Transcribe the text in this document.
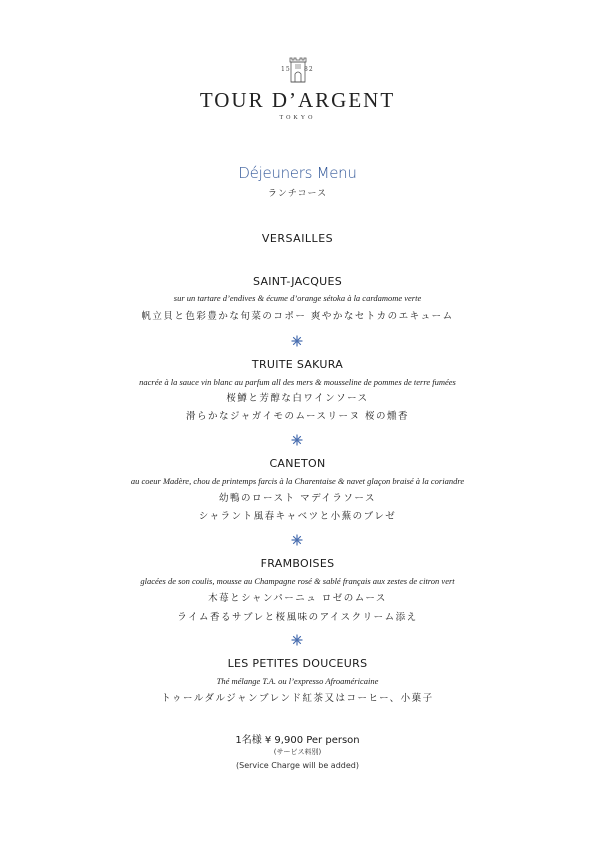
15 82
TOUR D’ARGENT
TOKYO
Déjeuners Menu
ランチコース
VERSAILLES
SAINT-JACQUES
sur un tartare d’endives & écume d’orange sétoka à la cardamome verte
帆立貝と色彩豊かな旬菜のコポー 爽やかなセトカのエキューム
TRUITE SAKURA
nacrée à la sauce vin blanc au parfum all des mers & mousseline de pommes de terre fumées
桜鱒と芳醇な白ワインソース
滑らかなジャガイモのムースリーヌ 桜の燻香
CANETON
au coeur Madère, chou de printemps farcis à la Charentaise & navet glaçon braisé à la coriandre
幼鴨のロースト マデイラソース
シャラント風春キャベツと小蕪のブレゼ
FRAMBOISES
glacées de son coulis, mousse au Champagne rosé & sablé français aux zestes de citron vert
木苺とシャンパーニュ ロゼのムース
ライム香るサブレと桜風味のアイスクリーム添え
LES PETITES DOUCEURS
Thé mélange T.A. ou l’expresso Afroaméricaine
トゥールダルジャンブレンド紅茶又はコーヒー、小菓子
1名様 ¥ 9,900 Per person
(サービス料別)
(Service Charge will be added)
